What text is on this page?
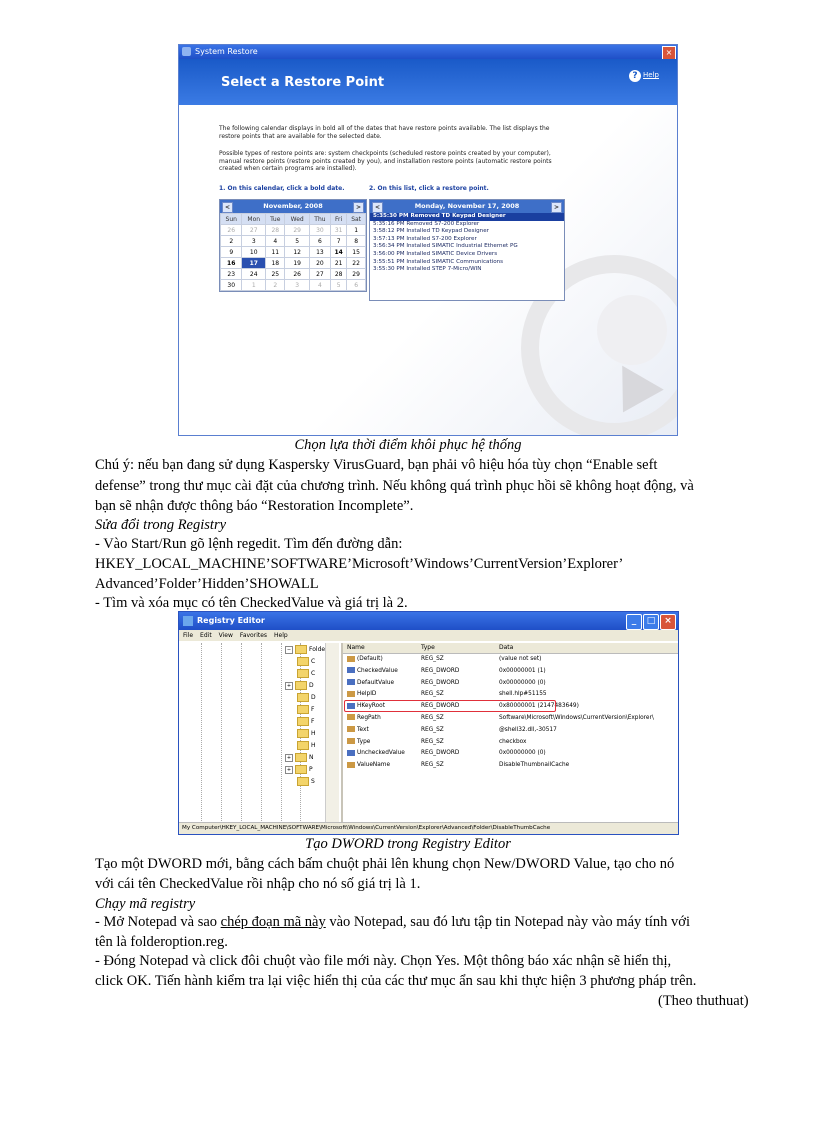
System Restore	×
Select a Restore Point	? Help
The following calendar displays in bold all of the dates that have restore points available. The list displays the restore points that are available for the selected date.
Possible types of restore points are: system checkpoints (scheduled restore points created by your computer), manual restore points (restore points created by you), and installation restore points (automatic restore points created when certain programs are installed).
1. On this calendar, click a bold date.	2. On this list, click a restore point.
<	November, 2008	>
Sun	Mon	Tue	Wed	Thu	Fri	Sat
26	27	28	29	30	31	1
2	3	4	5	6	7	8
9	10	11	12	13	14	15
16	17	18	19	20	21	22
23	24	25	26	27	28	29
30	1	2	3	4	5	6
<	Monday, November 17, 2008	>
5:35:30 PM Removed TD Keypad Designer
5:35:16 PM Removed S7-200 Explorer
3:58:12 PM Installed TD Keypad Designer
3:57:13 PM Installed S7-200 Explorer
3:56:34 PM Installed SIMATIC Industrial Ethernet PG
3:56:00 PM Installed SIMATIC Device Drivers
3:55:51 PM Installed SIMATIC Communications
3:55:30 PM Installed STEP 7-Micro/WIN
Chọn lựa thời điểm khôi phục hệ thống
Chú ý: nếu bạn đang sử dụng Kaspersky VirusGuard, bạn phải vô hiệu hóa tùy chọn “Enable seft
defense” trong thư mục cài đặt của chương trình. Nếu không quá trình phục hồi sẽ không hoạt động, và
bạn sẽ nhận được thông báo “Restoration Incomplete”.
Sửa đổi trong Registry
- Vào Start/Run gõ lệnh regedit. Tìm đến đường dẫn:
HKEY_LOCAL_MACHINE’SOFTWARE’Microsoft’Windows’CurrentVersion’Explorer’
Advanced’Folder’Hidden’SHOWALL
- Tìm và xóa mục có tên CheckedValue và giá trị là 2.
Registry Editor	_	□ ×
File Edit View Favorites Help
−	Folde
C
C
+	D
D
F
F
H
H
+	N
+	P
S
Name	Type	Data
(Default)	REG_SZ	(value not set)
CheckedValue	REG_DWORD	0x00000001 (1)
DefaultValue	REG_DWORD	0x00000000 (0)
HelpID	REG_SZ	shell.hlp#51155
HKeyRoot	REG_DWORD	0x80000001 (2147483649)
RegPath	REG_SZ	Software\Microsoft\Windows\CurrentVersion\Explorer\
Text	REG_SZ	@shell32.dll,-30517
Type	REG_SZ	checkbox
UncheckedValue	REG_DWORD	0x00000000 (0)
ValueName	REG_SZ	DisableThumbnailCache
My Computer\HKEY_LOCAL_MACHINE\SOFTWARE\Microsoft\Windows\CurrentVersion\Explorer\Advanced\Folder\DisableThumbCache
Tạo DWORD trong Registry Editor
Tạo một DWORD mới, bằng cách bấm chuột phải lên khung chọn New/DWORD Value, tạo cho nó
với cái tên CheckedValue rồi nhập cho nó số giá trị là 1.
Chạy mã registry
- Mở Notepad và sao chép đoạn mã này vào Notepad, sau đó lưu tập tin Notepad này vào máy tính với
tên là folderoption.reg.
- Đóng Notepad và click đôi chuột vào file mới này. Chọn Yes. Một thông báo xác nhận sẽ hiển thị,
click OK. Tiến hành kiểm tra lại việc hiển thị của các thư mục ẩn sau khi thực hiện 3 phương pháp trên.
(Theo thuthuat)
